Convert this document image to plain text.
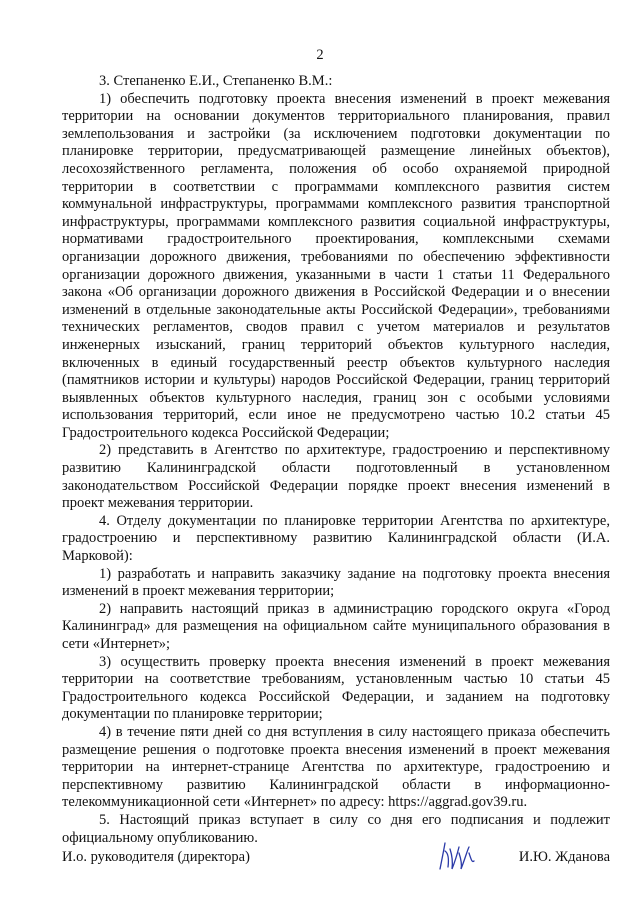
2

3. Степаненко Е.И., Степаненко В.М.:

1) обеспечить подготовку проекта внесения изменений в проект межевания территории на основании документов территориального планирования, правил землепользования и застройки (за исключением подготовки документации по планировке территории, предусматривающей размещение линейных объектов), лесохозяйственного регламента, положения об особо охраняемой природной территории в соответствии с программами комплексного развития систем коммунальной инфраструктуры, программами комплексного развития транспортной инфраструктуры, программами комплексного развития социальной инфраструктуры, нормативами градостроительного проектирования, комплексными схемами организации дорожного движения, требованиями по обеспечению эффективности организации дорожного движения, указанными в части 1 статьи 11 Федерального закона «Об организации дорожного движения в Российской Федерации и о внесении изменений в отдельные законодательные акты Российской Федерации», требованиями технических регламентов, сводов правил с учетом материалов и результатов инженерных изысканий, границ территорий объектов культурного наследия, включенных в единый государственный реестр объектов культурного наследия (памятников истории и культуры) народов Российской Федерации, границ территорий выявленных объектов культурного наследия, границ зон с особыми условиями использования территорий, если иное не предусмотрено частью 10.2 статьи 45 Градостроительного кодекса Российской Федерации;

2) представить в Агентство по архитектуре, градостроению и перспективному развитию Калининградской области подготовленный в установленном законодательством Российской Федерации порядке проект внесения изменений в проект межевания территории.

4. Отделу документации по планировке территории Агентства по архитектуре, градостроению и перспективному развитию Калининградской области (И.А. Марковой):

1) разработать и направить заказчику задание на подготовку проекта внесения изменений в проект межевания территории;

2) направить настоящий приказ в администрацию городского округа «Город Калининград» для размещения на официальном сайте муниципального образования в сети «Интернет»;

3) осуществить проверку проекта внесения изменений в проект межевания территории на соответствие требованиям, установленным частью 10 статьи 45 Градостроительного кодекса Российской Федерации, и заданием на подготовку документации по планировке территории;

4) в течение пяти дней со дня вступления в силу настоящего приказа обеспечить размещение решения о подготовке проекта внесения изменений в проект межевания территории на интернет-странице Агентства по архитектуре, градостроению и перспективному развитию Калининградской области в информационно-телекоммуникационной сети «Интернет» по адресу: https://aggrad.gov39.ru.

5. Настоящий приказ вступает в силу со дня его подписания и подлежит официальному опубликованию.

И.о. руководителя (директора)	И.Ю. Жданова
